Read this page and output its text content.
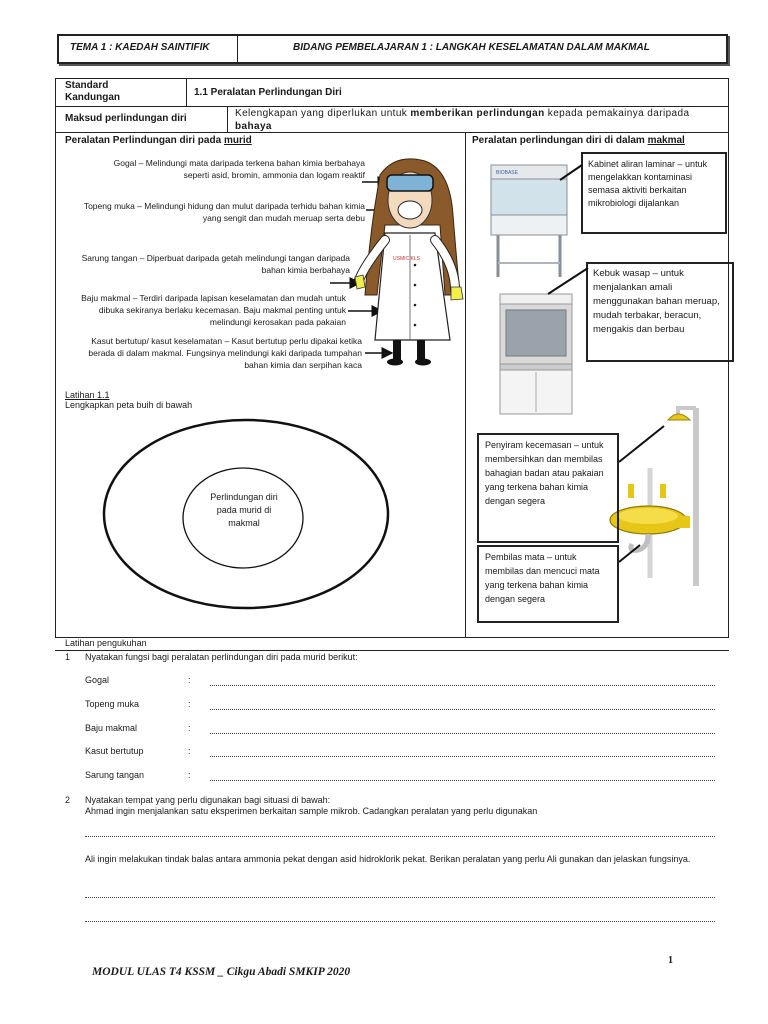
TEMA 1 : KAEDAH SAINTIFIK	BIDANG PEMBELAJARAN 1 : LANGKAH KESELAMATAN DALAM MAKMAL
Standard Kandungan	1.1 Peralatan Perlindungan Diri
Maksud perlindungan diri	Kelengkapan yang diperlukan untuk memberikan perlindungan kepada pemakainya daripada bahaya
Peralatan Perlindungan diri pada murid
Gogal – Melindungi mata daripada terkena bahan kimia berbahaya seperti asid, bromin, ammonia dan logam reaktif
Topeng muka – Melindungi hidung dan mulut daripada terhidu bahan kimia yang sengit dan mudah meruap serta debu
Sarung tangan – Diperbuat daripada getah melindungi tangan daripada bahan kimia berbahaya
Baju makmal – Terdiri daripada lapisan keselamatan dan mudah untuk dibuka sekiranya berlaku kecemasan. Baju makmal penting untuk melindungi kerosakan pada pakaian
Kasut bertutup/ kasut keselamatan – Kasut bertutup perlu dipakai ketika berada di dalam makmal. Fungsinya melindungi kaki daripada tumpahan bahan kimia dan serpihan kaca
USMIC KLS
Latihan 1.1
Lengkapkan peta buih di bawah
Perlindungan diri pada murid di makmal
Peralatan perlindungan diri di dalam makmal
BIOBASE
Kabinet aliran laminar – untuk mengelakkan kontaminasi semasa aktiviti berkaitan mikrobiologi dijalankan
Kebuk wasap – untuk menjalankan amali menggunakan bahan meruap, mudah terbakar, beracun, mengakis dan berbau
Penyiram kecemasan – untuk membersihkan dan membilas bahagian badan atau pakaian yang terkena bahan kimia dengan segera
Pembilas mata – untuk membilas dan mencuci mata yang terkena bahan kimia dengan segera
Latihan pengukuhan
1 Nyatakan fungsi bagi peralatan perlindungan diri pada murid berikut:
Gogal	:
Topeng muka	:
Baju makmal	:
Kasut bertutup	:
Sarung tangan	:
2 Nyatakan tempat yang perlu digunakan bagi situasi di bawah:
Ahmad ingin menjalankan satu eksperimen berkaitan sample mikrob. Cadangkan peralatan yang perlu digunakan
Ali ingin melakukan tindak balas antara ammonia pekat dengan asid hidroklorik pekat. Berikan peralatan yang perlu Ali gunakan dan jelaskan fungsinya.
1
MODUL ULAS T4 KSSM _ Cikgu Abadi SMKIP 2020
